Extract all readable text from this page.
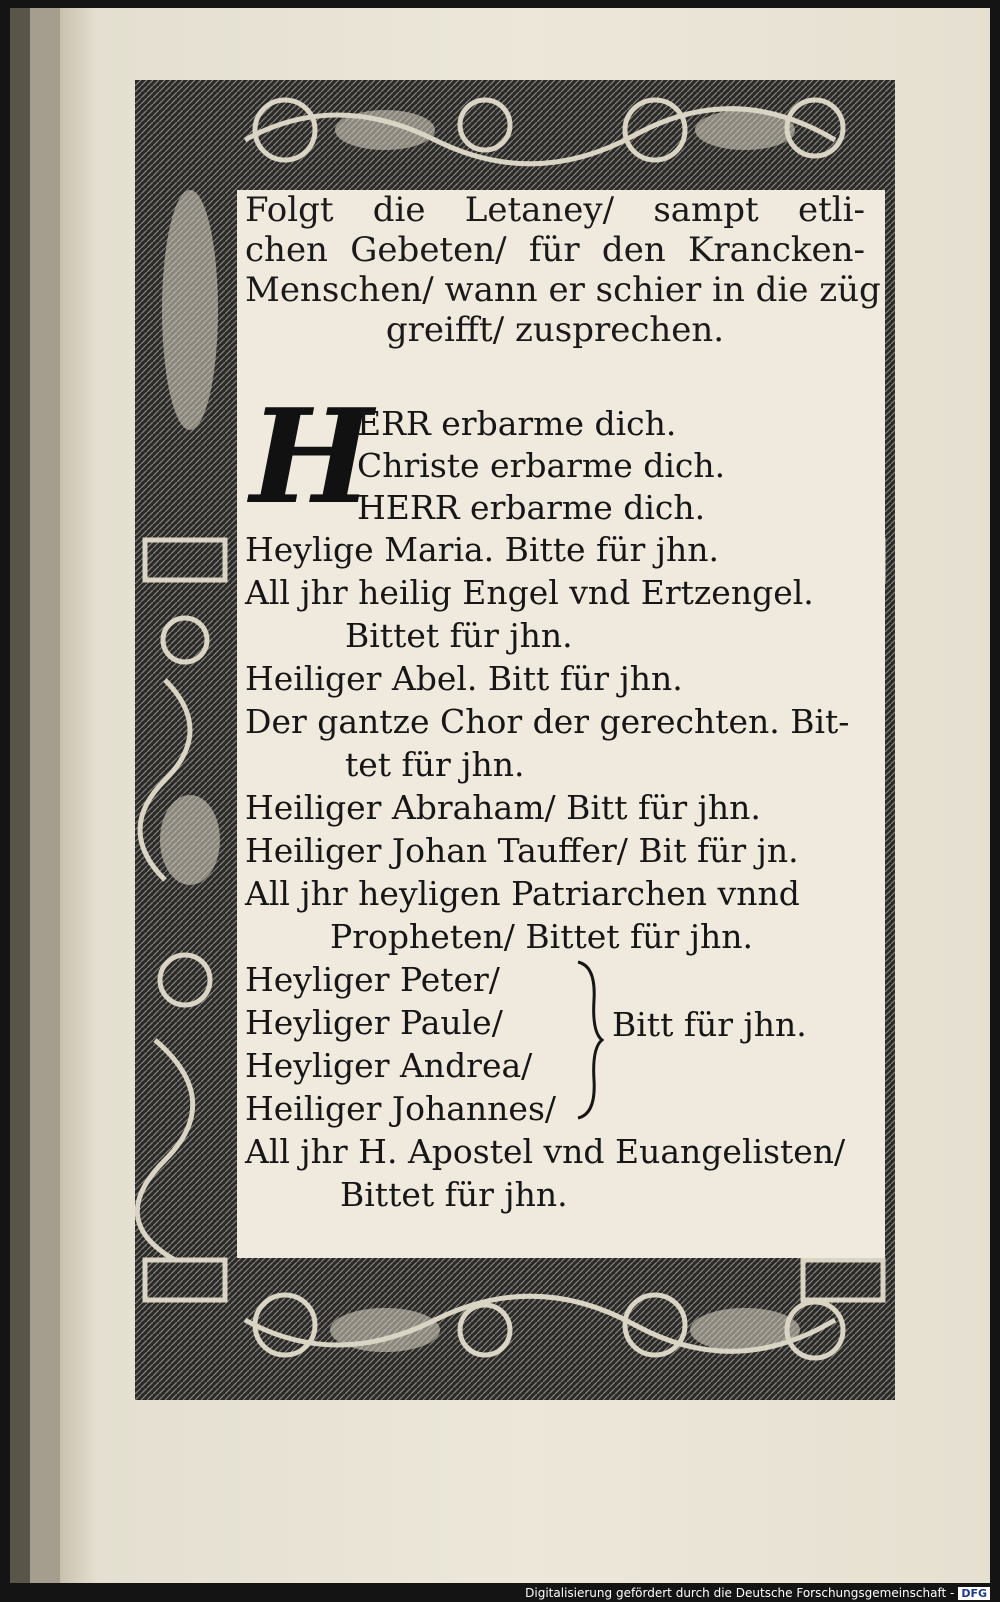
Folgt die Letaney/ sampt etli-
chen Gebeten/ für den Krancken-
Menschen/ wann er schier in die züg
greifft/ zusprechen.
H
ERR erbarme dich.
Christe erbarme dich.
HERR erbarme dich.
Heylige Maria. Bitte für jhn.
All jhr heilig Engel vnd Ertzengel.
Bittet für jhn.
Heiliger Abel. Bitt für jhn.
Der gantze Chor der gerechten. Bit-
tet für jhn.
Heiliger Abraham/ Bitt für jhn.
Heiliger Johan Tauffer/ Bit für jn.
All jhr heyligen Patriarchen vnnd
Propheten/ Bittet für jhn.
Heyliger Peter/
Heyliger Paule/
Heyliger Andrea/
Heiliger Johannes/
Bitt für jhn.
All jhr H. Apostel vnd Euangelisten/
Bittet für jhn.
Digitalisierung gefördert durch die Deutsche Forschungsgemeinschaft - DFG
